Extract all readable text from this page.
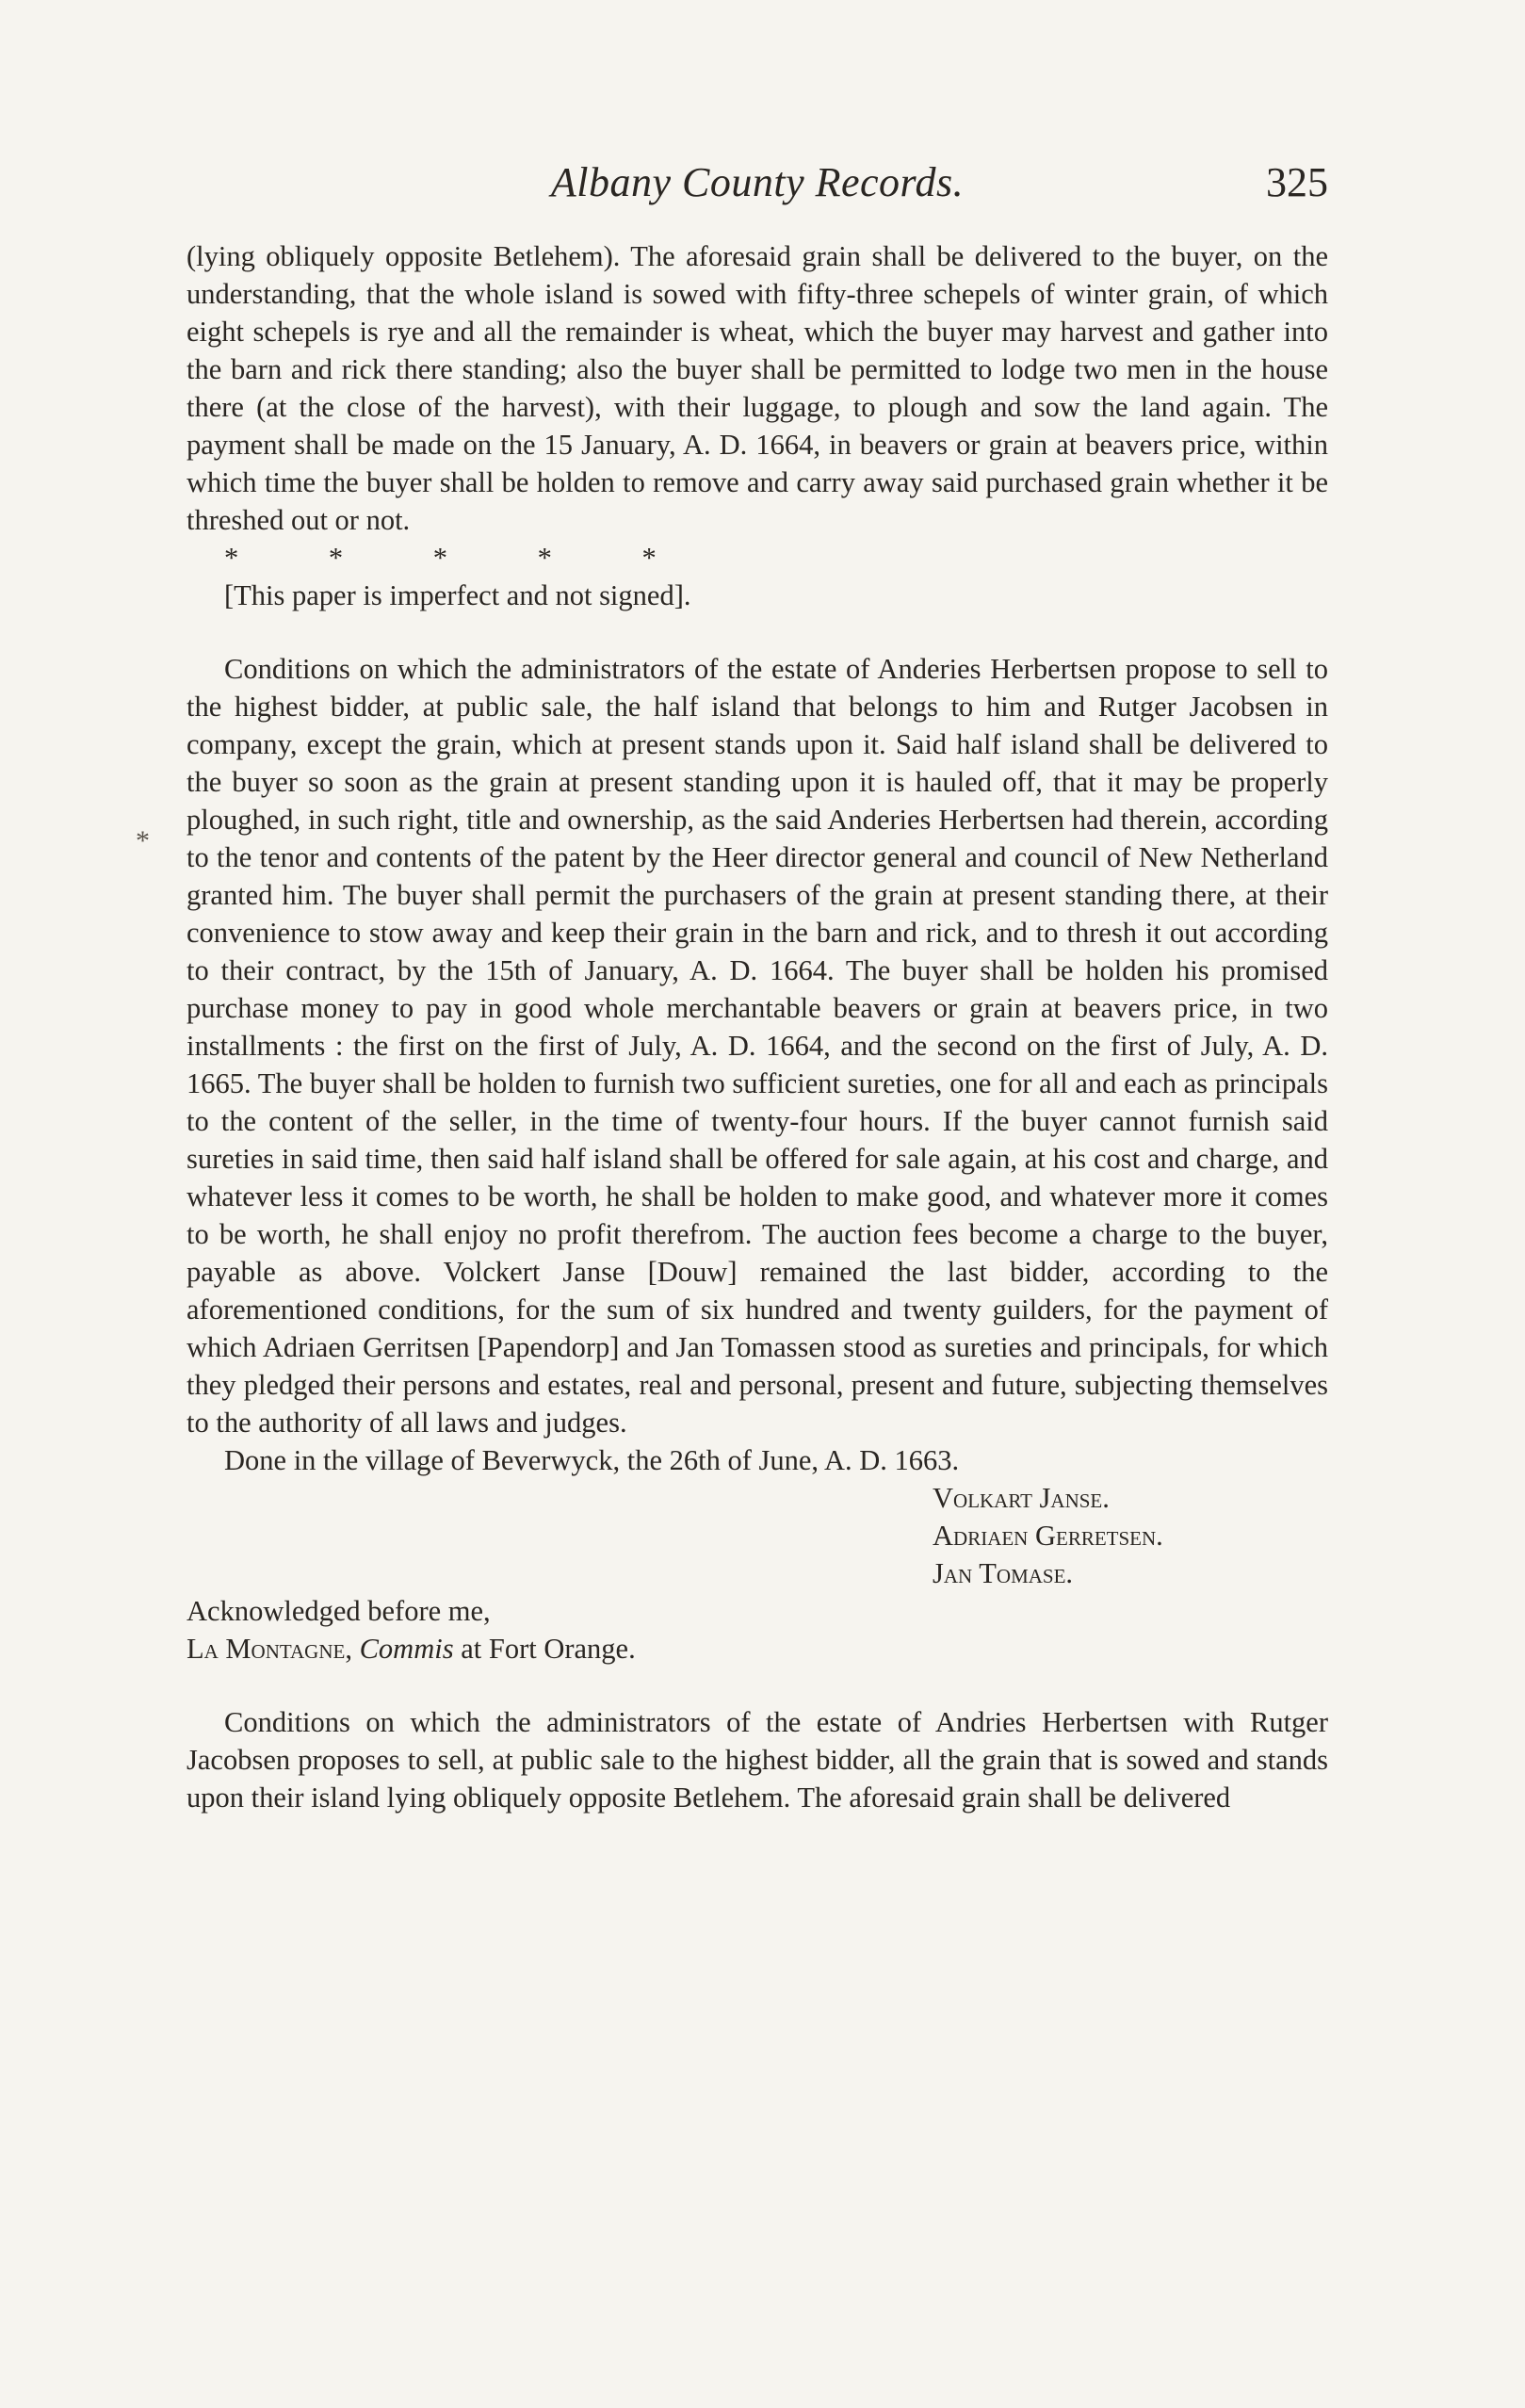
Albany County Records.	325
*

(lying obliquely opposite Betlehem). The aforesaid grain shall be delivered to the buyer, on the understanding, that the whole island is sowed with fifty-three schepels of winter grain, of which eight schepels is rye and all the remainder is wheat, which the buyer may harvest and gather into the barn and rick there standing; also the buyer shall be permitted to lodge two men in the house there (at the close of the harvest), with their luggage, to plough and sow the land again. The payment shall be made on the 15 January, A. D. 1664, in beavers or grain at beavers price, within which time the buyer shall be holden to remove and carry away said purchased grain whether it be threshed out or not.

* * * * *

[This paper is imperfect and not signed].

Conditions on which the administrators of the estate of Anderies Herbertsen propose to sell to the highest bidder, at public sale, the half island that belongs to him and Rutger Jacobsen in company, except the grain, which at present stands upon it. Said half island shall be delivered to the buyer so soon as the grain at present standing upon it is hauled off, that it may be properly ploughed, in such right, title and ownership, as the said Anderies Herbertsen had therein, according to the tenor and contents of the patent by the Heer director general and council of New Netherland granted him. The buyer shall permit the purchasers of the grain at present standing there, at their convenience to stow away and keep their grain in the barn and rick, and to thresh it out according to their contract, by the 15th of January, A. D. 1664. The buyer shall be holden his promised purchase money to pay in good whole merchantable beavers or grain at beavers price, in two installments : the first on the first of July, A. D. 1664, and the second on the first of July, A. D. 1665. The buyer shall be holden to furnish two sufficient sureties, one for all and each as principals to the content of the seller, in the time of twenty-four hours. If the buyer cannot furnish said sureties in said time, then said half island shall be offered for sale again, at his cost and charge, and whatever less it comes to be worth, he shall be holden to make good, and whatever more it comes to be worth, he shall enjoy no profit therefrom. The auction fees become a charge to the buyer, payable as above. Volckert Janse [Douw] remained the last bidder, according to the aforementioned conditions, for the sum of six hundred and twenty guilders, for the payment of which Adriaen Gerritsen [Papendorp] and Jan Tomassen stood as sureties and principals, for which they pledged their persons and estates, real and personal, present and future, subjecting themselves to the authority of all laws and judges.

Done in the village of Beverwyck, the 26th of June, A. D. 1663.

Volkart Janse.
Adriaen Gerretsen.
Jan Tomase.

Acknowledged before me,

La Montagne, Commis at Fort Orange.

Conditions on which the administrators of the estate of Andries Herbertsen with Rutger Jacobsen proposes to sell, at public sale to the highest bidder, all the grain that is sowed and stands upon their island lying obliquely opposite Betlehem. The aforesaid grain shall be delivered
